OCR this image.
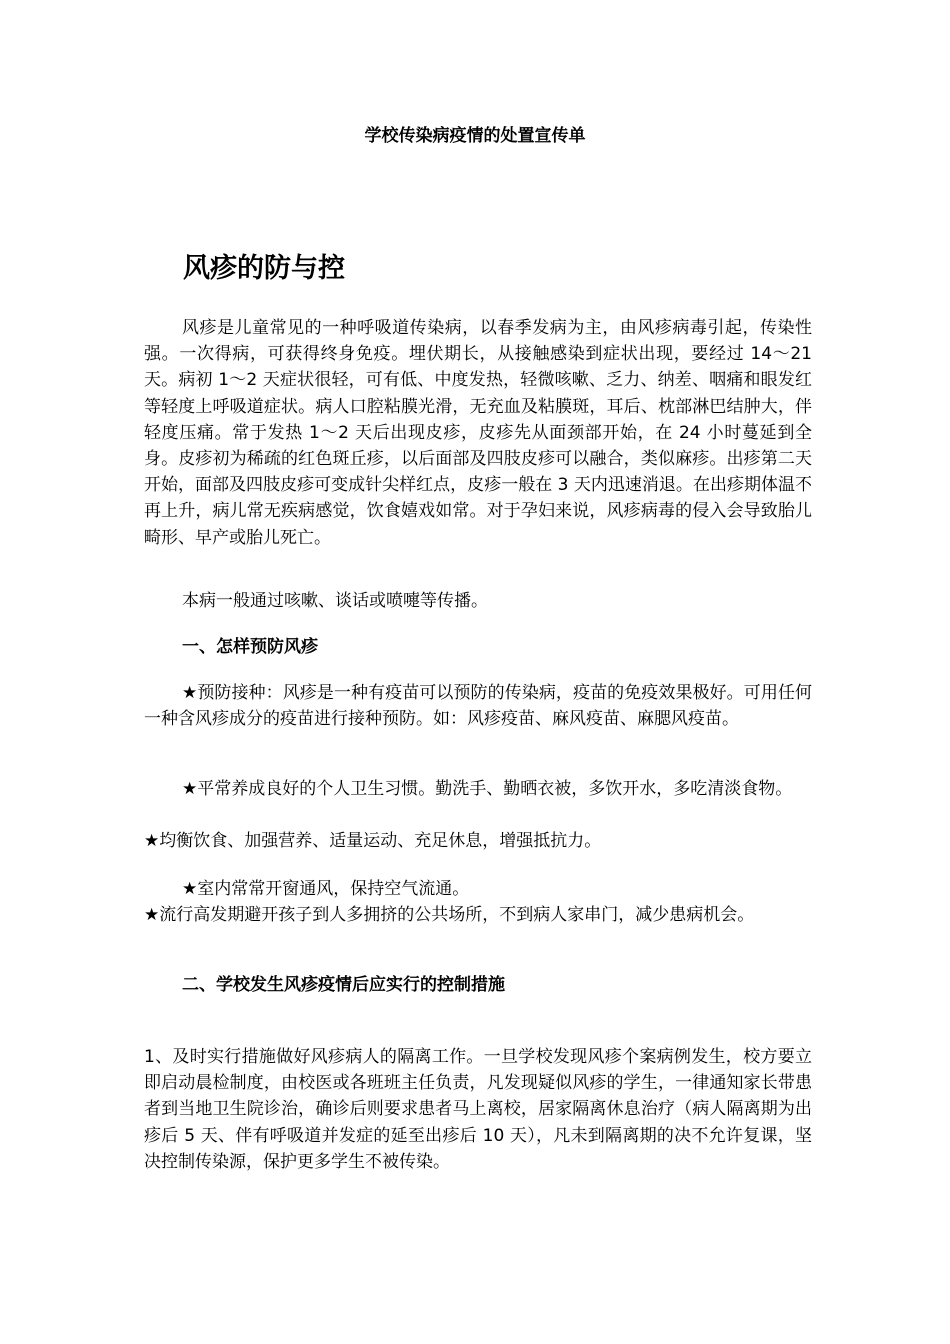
学校传染病疫情的处置宣传单
风疹的防与控
风疹是儿童常见的一种呼吸道传染病，以春季发病为主，由风疹病毒引起，传染性强。一次得病，可获得终身免疫。埋伏期长，从接触感染到症状出现，要经过 14～21 天。病初 1～2 天症状很轻，可有低、中度发热，轻微咳嗽、乏力、纳差、咽痛和眼发红等轻度上呼吸道症状。病人口腔粘膜光滑，无充血及粘膜斑，耳后、枕部淋巴结肿大，伴轻度压痛。常于发热 1～2 天后出现皮疹，皮疹先从面颈部开始，在 24 小时蔓延到全身。皮疹初为稀疏的红色斑丘疹，以后面部及四肢皮疹可以融合，类似麻疹。出疹第二天开始，面部及四肢皮疹可变成针尖样红点，皮疹一般在 3 天内迅速消退。在出疹期体温不再上升，病儿常无疾病感觉，饮食嬉戏如常。对于孕妇来说，风疹病毒的侵入会导致胎儿畸形、早产或胎儿死亡。
本病一般通过咳嗽、谈话或喷嚏等传播。
一、怎样预防风疹
★预防接种：风疹是一种有疫苗可以预防的传染病，疫苗的免疫效果极好。可用任何一种含风疹成分的疫苗进行接种预防。如：风疹疫苗、麻风疫苗、麻腮风疫苗。
★平常养成良好的个人卫生习惯。勤洗手、勤晒衣被，多饮开水，多吃清淡食物。
★均衡饮食、加强营养、适量运动、充足休息，增强抵抗力。
★室内常常开窗通风，保持空气流通。
★流行高发期避开孩子到人多拥挤的公共场所，不到病人家串门，减少患病机会。
二、学校发生风疹疫情后应实行的控制措施
1、及时实行措施做好风疹病人的隔离工作。一旦学校发现风疹个案病例发生，校方要立即启动晨检制度，由校医或各班班主任负责，凡发现疑似风疹的学生，一律通知家长带患者到当地卫生院诊治，确诊后则要求患者马上离校，居家隔离休息治疗（病人隔离期为出疹后 5 天、伴有呼吸道并发症的延至出疹后 10 天），凡未到隔离期的决不允许复课，坚决控制传染源，保护更多学生不被传染。
